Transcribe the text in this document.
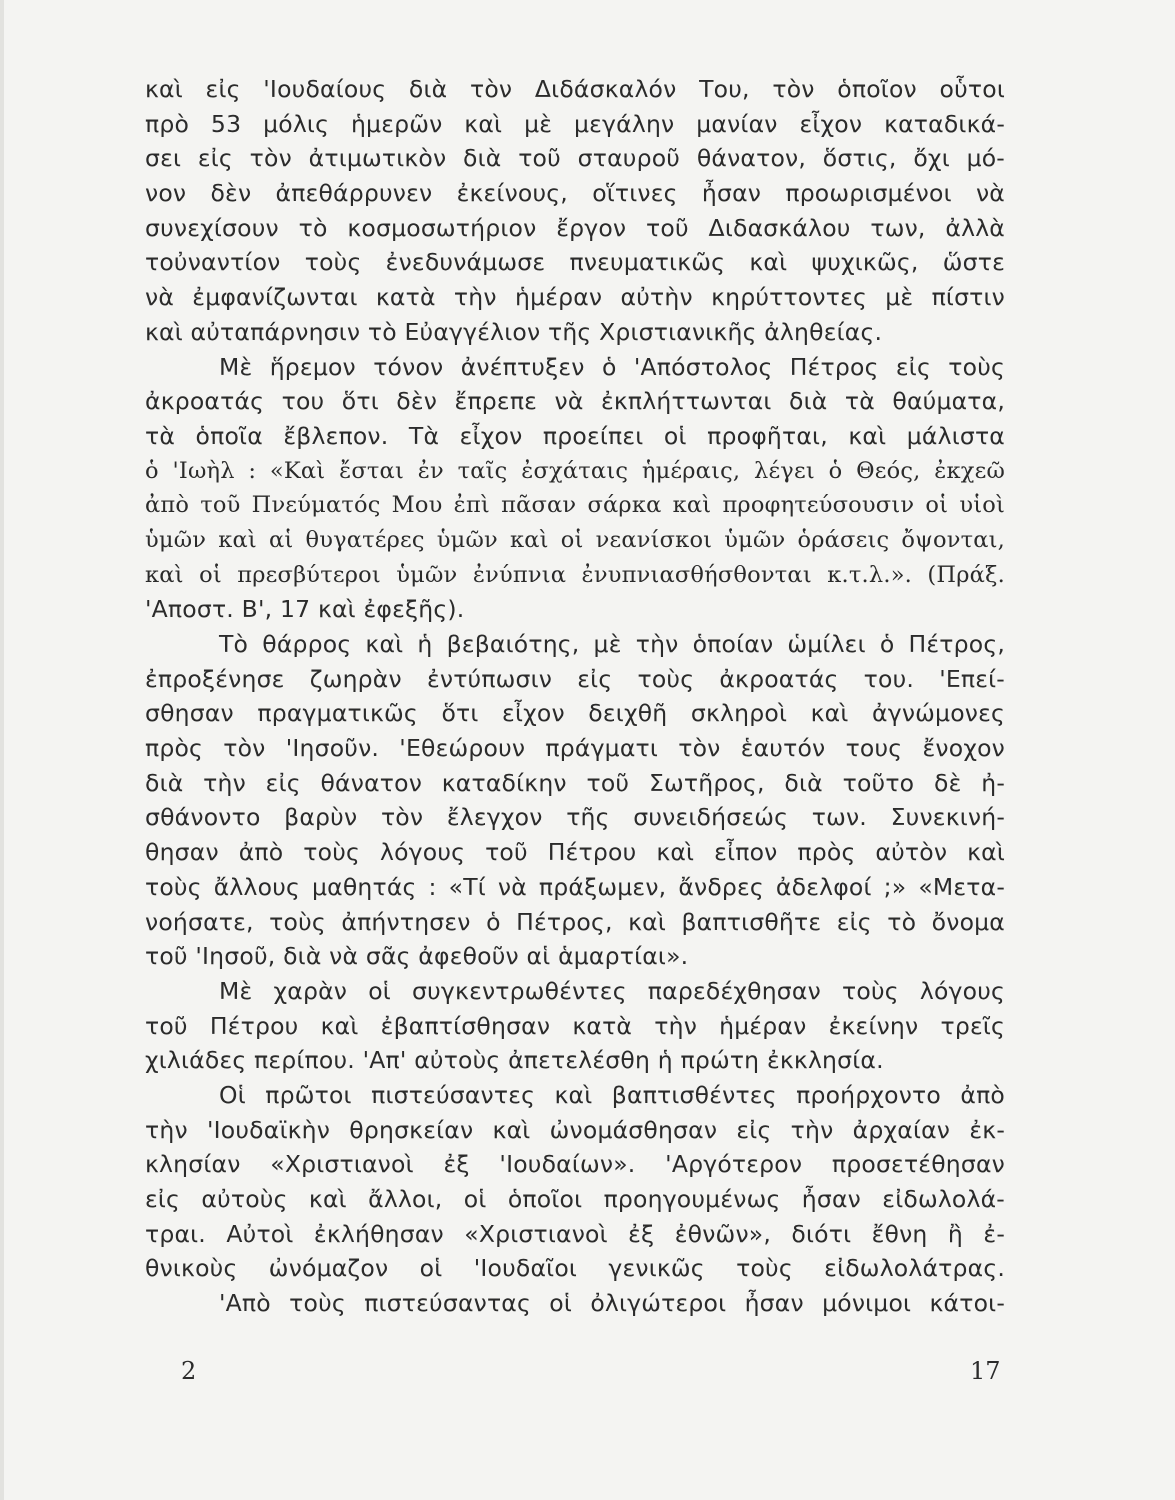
καὶ εἰς 'Ιουδαίους διὰ τὸν Διδάσκαλόν Του, τὸν ὁποῖον οὗτοι
πρὸ 53 μόλις ἡμερῶν καὶ μὲ μεγάλην μανίαν εἶχον καταδικά-
σει εἰς τὸν ἀτιμωτικὸν διὰ τοῦ σταυροῦ θάνατον, ὅστις, ὄχι μό-
νον δὲν ἀπεθάρρυνεν ἐκείνους, οἵτινες ἦσαν προωρισμένοι νὰ
συνεχίσουν τὸ κοσμοσωτήριον ἔργον τοῦ Διδασκάλου των, ἀλλὰ
τοὐναντίον τοὺς ἐνεδυνάμωσε πνευματικῶς καὶ ψυχικῶς, ὥστε
νὰ ἐμφανίζωνται κατὰ τὴν ἡμέραν αὐτὴν κηρύττοντες μὲ πίστιν
καὶ αὐταπάρνησιν τὸ Εὐαγγέλιον τῆς Χριστιανικῆς ἀληθείας.
Μὲ ἥρεμον τόνον ἀνέπτυξεν ὁ 'Απόστολος Πέτρος εἰς τοὺς
ἀκροατάς του ὅτι δὲν ἔπρεπε νὰ ἐκπλήττωνται διὰ τὰ θαύματα,
τὰ ὁποῖα ἔβλεπον. Τὰ εἶχον προείπει οἱ προφῆται, καὶ μάλιστα
ὁ 'Ιωὴλ : «Καὶ ἔσται ἐν ταῖς ἐσχάταις ἡμέραις, λέγει ὁ Θεός, ἐκχεῶ
ἀπὸ τοῦ Πνεύματός Μου ἐπὶ πᾶσαν σάρκα καὶ προφητεύσουσιν οἱ υἱοὶ
ὑμῶν καὶ αἱ θυγατέρες ὑμῶν καὶ οἱ νεανίσκοι ὑμῶν ὁράσεις ὄψονται,
καὶ οἱ πρεσβύτεροι ὑμῶν ἐνύπνια ἐνυπνιασθήσθονται κ.τ.λ.». (Πράξ.
'Αποστ. Β', 17 καὶ ἐφεξῆς).
Τὸ θάρρος καὶ ἡ βεβαιότης, μὲ τὴν ὁποίαν ὡμίλει ὁ Πέτρος,
ἐπροξένησε ζωηρὰν ἐντύπωσιν εἰς τοὺς ἀκροατάς του. 'Επεί-
σθησαν πραγματικῶς ὅτι εἶχον δειχθῆ σκληροὶ καὶ ἀγνώμονες
πρὸς τὸν 'Ιησοῦν. 'Εθεώρουν πράγματι τὸν ἑαυτόν τους ἔνοχον
διὰ τὴν εἰς θάνατον καταδίκην τοῦ Σωτῆρος, διὰ τοῦτο δὲ ἠ-
σθάνοντο βαρὺν τὸν ἔλεγχον τῆς συνειδήσεώς των. Συνεκινή-
θησαν ἀπὸ τοὺς λόγους τοῦ Πέτρου καὶ εἶπον πρὸς αὐτὸν καὶ
τοὺς ἄλλους μαθητάς : «Τί νὰ πράξωμεν, ἄνδρες ἀδελφοί ;» «Μετα-
νοήσατε, τοὺς ἀπήντησεν ὁ Πέτρος, καὶ βαπτισθῆτε εἰς τὸ ὄνομα
τοῦ 'Ιησοῦ, διὰ νὰ σᾶς ἀφεθοῦν αἱ ἁμαρτίαι».
Μὲ χαρὰν οἱ συγκεντρωθέντες παρεδέχθησαν τοὺς λόγους
τοῦ Πέτρου καὶ ἐβαπτίσθησαν κατὰ τὴν ἡμέραν ἐκείνην τρεῖς
χιλιάδες περίπου. 'Απ' αὐτοὺς ἀπετελέσθη ἡ πρώτη ἐκκλησία.
Οἱ πρῶτοι πιστεύσαντες καὶ βαπτισθέντες προήρχοντο ἀπὸ
τὴν 'Ιουδαϊκὴν θρησκείαν καὶ ὠνομάσθησαν εἰς τὴν ἀρχαίαν ἐκ-
κλησίαν «Χριστιανοὶ ἐξ 'Ιουδαίων». 'Αργότερον προσετέθησαν
εἰς αὐτοὺς καὶ ἄλλοι, οἱ ὁποῖοι προηγουμένως ἦσαν εἰδωλολά-
τραι. Αὐτοὶ ἐκλήθησαν «Χριστιανοὶ ἐξ ἐθνῶν», διότι ἔθνη ἢ ἐ-
θνικοὺς ὠνόμαζον οἱ 'Ιουδαῖοι γενικῶς τοὺς εἰδωλολάτρας.
'Απὸ τοὺς πιστεύσαντας οἱ ὀλιγώτεροι ἦσαν μόνιμοι κάτοι-
2	17
